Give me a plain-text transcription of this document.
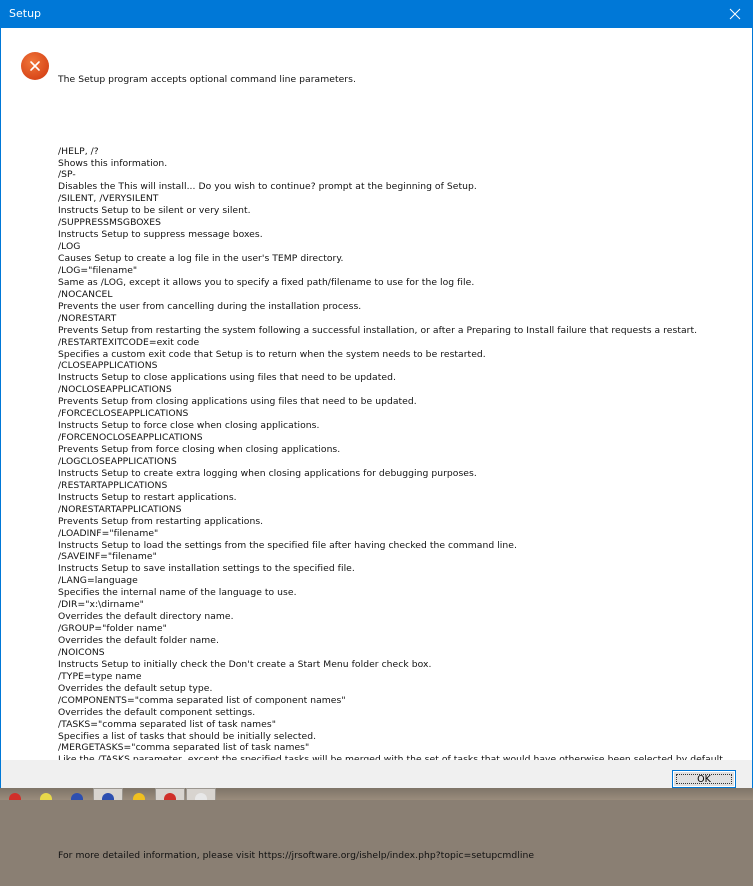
Setup

The Setup program accepts optional command line parameters.

/HELP, /?
Shows this information.
/SP-
Disables the This will install... Do you wish to continue? prompt at the beginning of Setup.
/SILENT, /VERYSILENT
Instructs Setup to be silent or very silent.
/SUPPRESSMSGBOXES
Instructs Setup to suppress message boxes.
/LOG
Causes Setup to create a log file in the user's TEMP directory.
/LOG="filename"
Same as /LOG, except it allows you to specify a fixed path/filename to use for the log file.
/NOCANCEL
Prevents the user from cancelling during the installation process.
/NORESTART
Prevents Setup from restarting the system following a successful installation, or after a Preparing to Install failure that requests a restart.
/RESTARTEXITCODE=exit code
Specifies a custom exit code that Setup is to return when the system needs to be restarted.
/CLOSEAPPLICATIONS
Instructs Setup to close applications using files that need to be updated.
/NOCLOSEAPPLICATIONS
Prevents Setup from closing applications using files that need to be updated.
/FORCECLOSEAPPLICATIONS
Instructs Setup to force close when closing applications.
/FORCENOCLOSEAPPLICATIONS
Prevents Setup from force closing when closing applications.
/LOGCLOSEAPPLICATIONS
Instructs Setup to create extra logging when closing applications for debugging purposes.
/RESTARTAPPLICATIONS
Instructs Setup to restart applications.
/NORESTARTAPPLICATIONS
Prevents Setup from restarting applications.
/LOADINF="filename"
Instructs Setup to load the settings from the specified file after having checked the command line.
/SAVEINF="filename"
Instructs Setup to save installation settings to the specified file.
/LANG=language
Specifies the internal name of the language to use.
/DIR="x:\dirname"
Overrides the default directory name.
/GROUP="folder name"
Overrides the default folder name.
/NOICONS
Instructs Setup to initially check the Don't create a Start Menu folder check box.
/TYPE=type name
Overrides the default setup type.
/COMPONENTS="comma separated list of component names"
Overrides the default component settings.
/TASKS="comma separated list of task names"
Specifies a list of tasks that should be initially selected.
/MERGETASKS="comma separated list of task names"

For more detailed information, please visit https://jrsoftware.org/ishelp/index.php?topic=setupcmdline

OK
